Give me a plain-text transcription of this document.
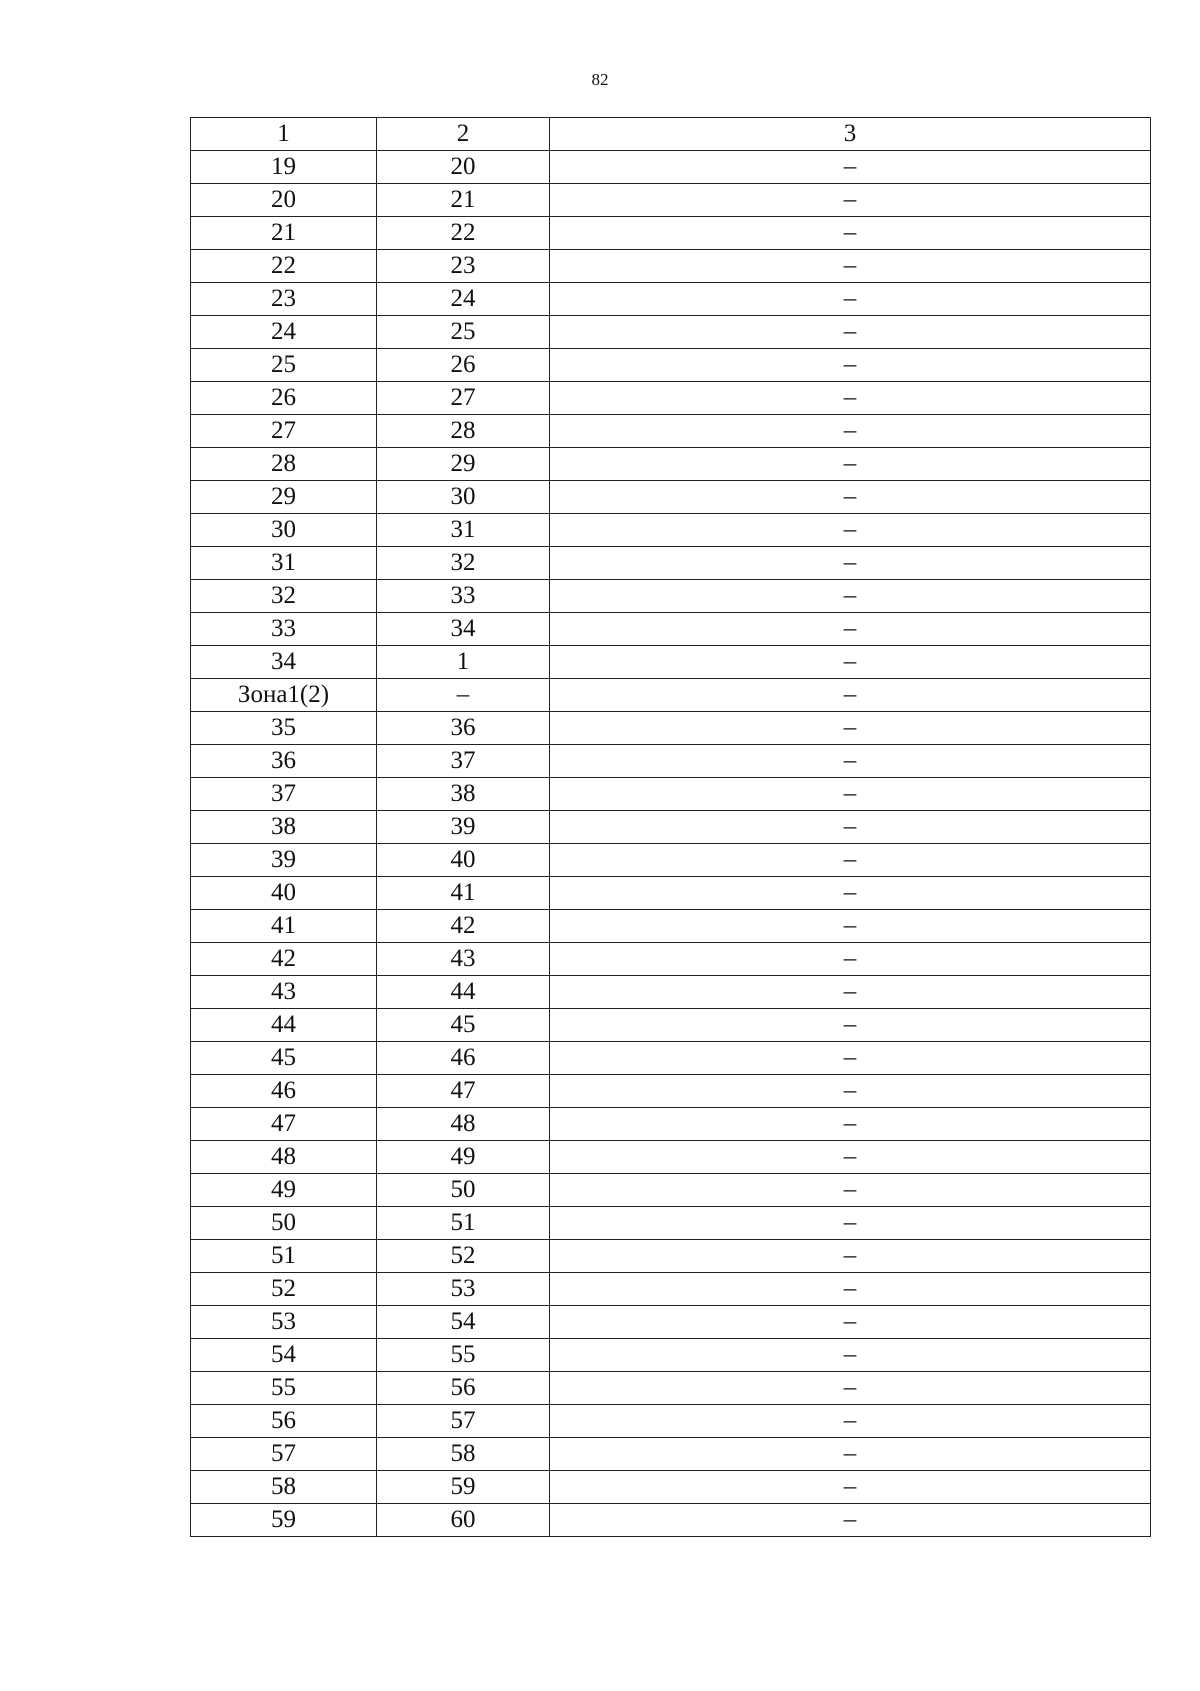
82
1	2	3
19	20	–
20	21	–
21	22	–
22	23	–
23	24	–
24	25	–
25	26	–
26	27	–
27	28	–
28	29	–
29	30	–
30	31	–
31	32	–
32	33	–
33	34	–
34	1	–
Зона1(2)	–	–
35	36	–
36	37	–
37	38	–
38	39	–
39	40	–
40	41	–
41	42	–
42	43	–
43	44	–
44	45	–
45	46	–
46	47	–
47	48	–
48	49	–
49	50	–
50	51	–
51	52	–
52	53	–
53	54	–
54	55	–
55	56	–
56	57	–
57	58	–
58	59	–
59	60	–
